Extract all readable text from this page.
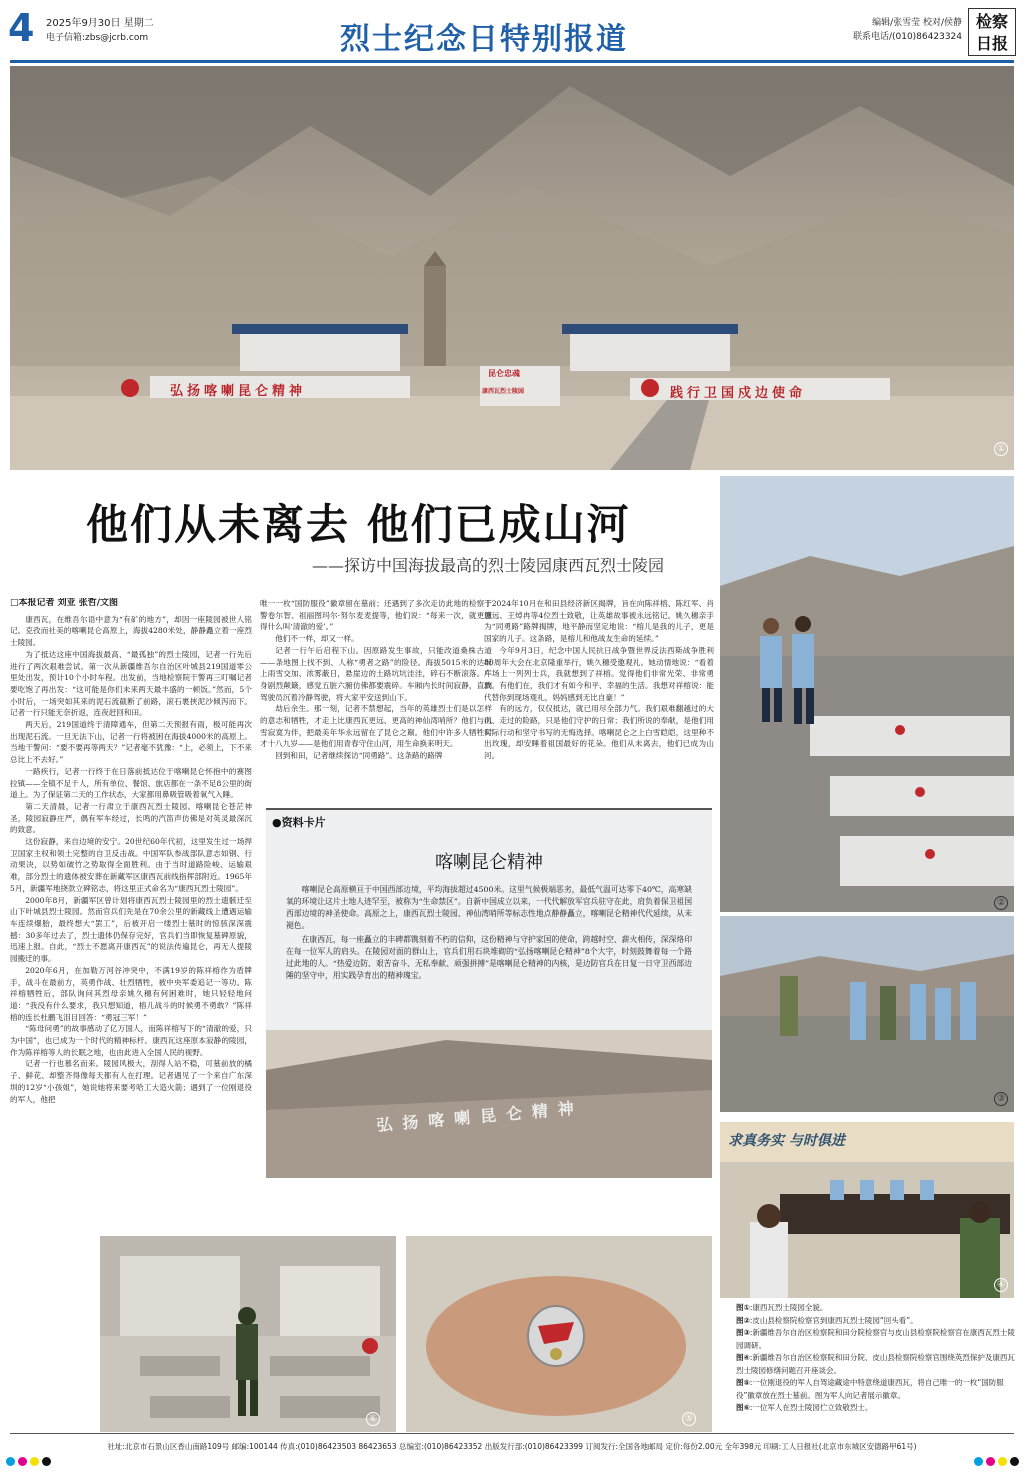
4 2025年9月30日 星期二
电子信箱:zbs@jcrb.com	烈士纪念日特别报道	编辑/张雪莹 校对/侯静
联系电话/(010)86423324
检察日报
弘扬喀喇昆仑精神
昆仑忠魂
康西瓦烈士陵园	践行卫国戍边使命
①
他们从未离去 他们已成山河
——探访中国海拔最高的烈士陵园康西瓦烈士陵园
②
③
求真务实 与时俱进
④
□本报记者 刘亚 张哲/文图

康西瓦，在维吾尔语中意为“有矿的地方”，却因一座陵园被世人铭记。克孜而社美的喀喇昆仑高原上，海拔4280米处，静静矗立着一座烈士陵园。

为了抵达这座中国海拔最高、“最孤独”的烈士陵园，记者一行先后进行了两次艰难尝试。第一次从新疆维吾尔自治区叶城县219国道零公里处出发，预计10个小时车程。出发前，当地检察院干警再三叮嘱记者要吃饱了再出发：“这可能是你们未来两天最丰盛的一顿饭。”然而，5个小时后，一场突如其来的泥石流截断了前路，滚石裹挟泥沙倾泻而下。记者一行只能无奈折返，连夜赶回和田。

两天后，219国道终于清障通车，但第二天预报有雨，极可能再次出现泥石流。一旦无法下山，记者一行将被困在海拔4000米的高原上。当地干警问：“要不要再等两天？”记者毫不犹豫：“上，必须上，下不来总比上不去好。”

一路疾行，记者一行终于在日落前抵达位于喀喇昆仑怀抱中的赛图拉镇——全镇不足千人，所有单位、餐馆、旅店都在一条不足8公里的街道上。为了保证第二天的工作状态，大家都用鼻吸管吸着氧气入睡。

第二天清晨，记者一行肃立于康西瓦烈士陵园。喀喇昆仑苍茫神圣，陵园寂静庄严，偶有军车经过，长鸣的汽笛声仿佛是对英灵最深沉的致意。

这份寂静，来自边境的安宁。20世纪60年代初，这里发生过一场捍卫国家主权和领土完整的自卫反击战。中国军队参战部队意志如钢、行动果决，以势如破竹之势取得全面胜利。由于当时道路险峻、运输艰难，部分烈士的遗体被安葬在新藏军区康西瓦前线指挥部附近。1965年5月，新疆军地挠款立碑铭志，将这里正式命名为“康西瓦烈士陵园”。

2000年8月，新疆军区曾计划将康西瓦烈士陵园里的烈士遗骸迁至山下叶城县烈士陵园。然而官兵们先是在70余公里的新藏线上遭遇运输车连续爆胎，最终想大“罢工”，后被开启一缕烈士墓时的惊骇深深震撼：30多年过去了，烈士遗体仍保存完好，官兵们当即恢复墓碑原貌，迅速上报。自此，“烈士不愿离开康西瓦”的说法传遍昆仑，再无人提陵园搬迁的事。

2020年6月，在加勒万河谷冲突中，不满19岁的陈祥榕作为盾牌手，战斗在最前方，英勇作战、壮烈牺牲，被中央军委追记一等功。陈祥榕牺牲后，部队询问其烈母亲姚久穗有何困难时，她只轻轻地问道：“我没有什么要求，我只想知道，榕儿战斗的时候勇不勇敢？”陈祥榕的连长杜鹏飞泪目回答：“勇冠三军！”

“陈母问勇”的故事感动了亿万国人，而陈祥榕写下的“清澈的爱，只为中国”，也已成为一个时代的精神标杆。康西瓦这座原本寂静的陵园，作为陈祥榕等人的长眠之地，也由此进入全国人民的视野。

记者一行也慕名而来。陵园风极大，刮得人站不稳，可墓前放的橘子、鲜花、却整齐得像每天都有人在打理。记者遇见了一个来自广东深圳的12岁“小孩姐”，她说她将来要考哈工大造火箭；遇到了一位刚退役的军人，他把

唯一一枚“国防服役”徽章留在墓前；还遇到了多次走访此地的检察干警卷尔智、祖丽图玛尔·努尔麦麦提等，他们说：“每来一次，就更懂得什么叫‘清澈的爱’。”

他们不一样，却又一样。

记者一行午后启程下山。因原路发生事故，只能改道桑株古道——条地图上找不到、人称“勇者之路”的险径。海拔5015米的达坂上雨雪交加、浓雾蔽日，悬崖边的土路坑坑洼洼，碎石不断滚落。车身剧烈颠簸，感觉五脏六腑仿佛都要震碎。车厢内长时间寂静，直到驾驶员沉着冷静驾驶，将大家平安送到山下。

劫后余生。那一刻，记者不禁想起，当年的英雄烈士们是以怎样的意志和牺牲，才走上比康西瓦更远、更高的神仙湾哨所？他们与风雪寂寞为伴，把最美年华永远留在了昆仑之巅。他们中许多人牺牲时才十八九岁——是他们用青春守住山河，用生命换来明天。

回到和田，记者继续探访“同勇路”。这条路的路牌

于2024年10月在和田县经济新区揭牌，旨在向陈祥榕、陈红军、肖思远、王焯冉等4位烈士致敬，让英雄故事被永远铭记。姚久穗亲手为“同勇路”路牌揭牌，地平静而坚定地说：“榕儿是我的儿子，更是国家的儿子。这条路，是榕儿和他战友生命的延续。”

今年9月3日，纪念中国人民抗日战争暨世界反法西斯战争胜利80周年大会在北京隆重举行，姚久穗受邀观礼。她动情地说：“看着广场上一列列士兵，我就想到了祥榕。觉得他们非常光荣、非常勇敢。有他们在，我们才有如今和平、幸福的生活。我想对祥榕说：能代替你到现场观礼，妈妈感到无比自豪！”

有的远方，仅仅抵达，就已用尽全部力气。我们艰难翻越过的大山、走过的险路，只是他们守护的日常；我们所说的奉献，是他们用实际行动和坚守书写的无悔选择。喀喇昆仑之上白雪皑皑，这里种不出玫瑰，却安睡着祖国最好的花朵。他们从未离去，他们已成为山河。

●资料卡片
喀喇昆仑精神

喀喇昆仑高原横亘于中国西部边境，平均海拔超过4500米。这里气候极端恶劣，最低气温可达零下40℃，高寒缺氧的环境让这片土地人迹罕至，被称为“生命禁区”。自新中国成立以来，一代代解放军官兵驻守在此，肩负着保卫祖国西部边境的神圣使命。高原之上，康西瓦烈士陵园、神仙湾哨所等标志性地点静静矗立，喀喇昆仑精神代代延续，从未褪色。

在康西瓦，每一座矗立的丰碑都镌刻着不朽的信仰，这份精神与守护家国的使命，跨越时空、薪火相传，深深烙印在每一位军人的肩头。在陵园对面的群山上，官兵们用石块堆砌的“弘扬喀喇昆仑精神”8个大字，时刻鼓舞着每一个路过此地的人。“热爱边防、艰苦奋斗、无私奉献、顽强拼搏”是喀喇昆仑精神的内核，是边防官兵在日复一日守卫西部边陲的坚守中，用实践孕育出的精神瑰宝。

弘扬喀喇昆仑精神
⑥	⑤
图①:康西瓦烈士陵园全貌。
图②:皮山县检察院检察官到康西瓦烈士陵园“回头看”。
图③:新疆维吾尔自治区检察院和田分院检察官与皮山县检察院检察官在康西瓦烈士陵园调研。
图④:新疆维吾尔自治区检察院和田分院、皮山县检察院检察官围绕英烈保护及康西瓦烈士陵园修缮问题召开座谈会。
图⑤:一位刚退役的军人自驾途藏途中特意绕道康西瓦，将自己唯一的一枚“国防服役”徽章放在烈士墓前。图为军人向记者展示徽章。
图⑥:一位军人在烈士陵园伫立致敬烈士。
社址:北京市石景山区香山南路109号 邮编:100144 传真:(010)86423503 86423653 总编室:(010)86423352 出版发行部:(010)86423399 订阅发行:全国各地邮局 定价:每份2.00元 全年398元 印刷:工人日报社(北京市东城区安德路甲61号)
